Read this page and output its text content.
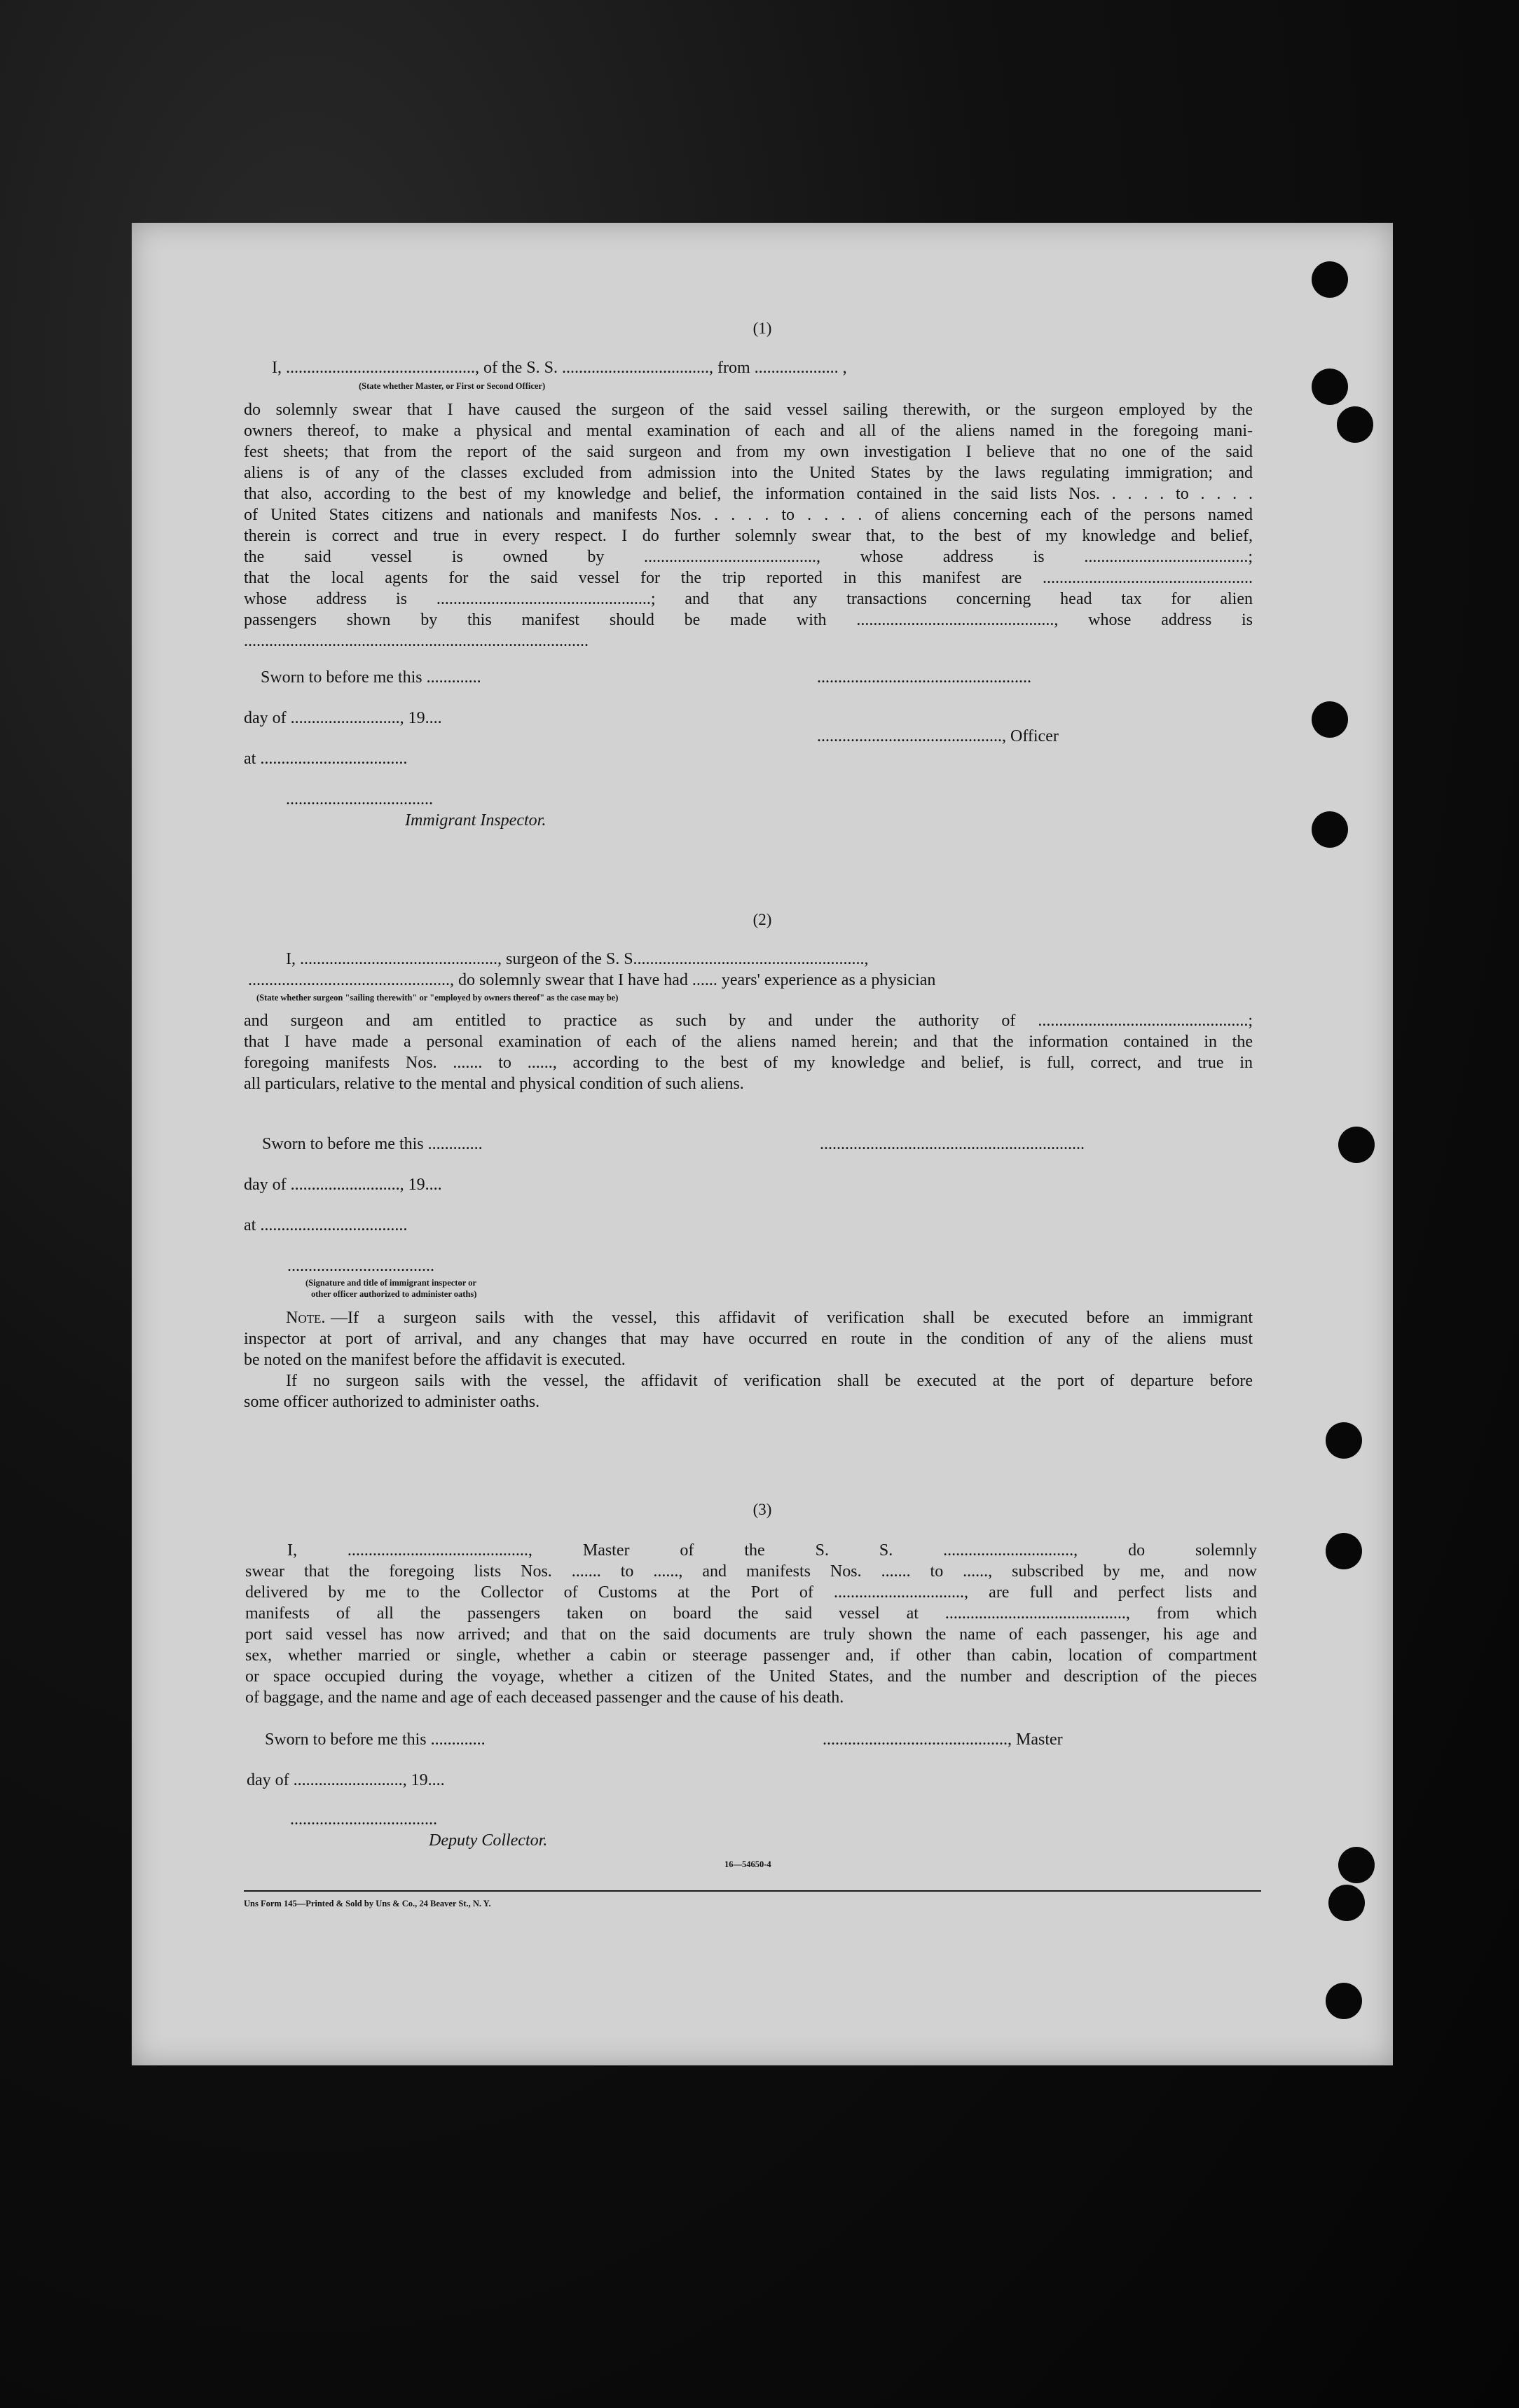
(1)
I, ............................................., of the S. S. ..................................., from .................... ,
(State whether Master, or First or Second Officer)
do solemnly swear that I have caused the surgeon of the said vessel sailing therewith, or the surgeon employed by the
owners thereof, to make a physical and mental examination of each and all of the aliens named in the foregoing mani-
fest sheets; that from the report of the said surgeon and from my own investigation I believe that no one of the said
aliens is of any of the classes excluded from admission into the United States by the laws regulating immigration; and
that also, according to the best of my knowledge and belief, the information contained in the said lists Nos. . . . . to . . . .
of United States citizens and nationals and manifests Nos. . . . . to . . . . of aliens concerning each of the persons named
therein is correct and true in every respect. I do further solemnly swear that, to the best of my knowledge and belief,
the said vessel is owned by ........................................., whose address is .......................................;
that the local agents for the said vessel for the trip reported in this manifest are ..................................................
whose address is ...................................................; and that any transactions concerning head tax for alien
passengers shown by this manifest should be made with ..............................................., whose address is
..................................................................................
Sworn to before me this .............	...................................................
day of .........................., 19....
............................................, Officer
at ...................................
...................................
Immigrant Inspector.
(2)
I, ..............................................., surgeon of the S. S.......................................................,
................................................, do solemnly swear that I have had ...... years' experience as a physician
(State whether surgeon "sailing therewith" or "employed by owners thereof" as the case may be)
and surgeon and am entitled to practice as such by and under the authority of ..................................................;
that I have made a personal examination of each of the aliens named herein; and that the information contained in the
foregoing manifests Nos. ....... to ......, according to the best of my knowledge and belief, is full, correct, and true in
all particulars, relative to the mental and physical condition of such aliens.
Sworn to before me this .............	...............................................................
day of .........................., 19....
at ...................................
...................................
(Signature and title of immigrant inspector or
other officer authorized to administer oaths)
Note. —If a surgeon sails with the vessel, this affidavit of verification shall be executed before an immigrant
inspector at port of arrival, and any changes that may have occurred en route in the condition of any of the aliens must
be noted on the manifest before the affidavit is executed.
If no surgeon sails with the vessel, the affidavit of verification shall be executed at the port of departure before
some officer authorized to administer oaths.
(3)
I, ..........................................., Master of the S. S. ..............................., do solemnly
swear that the foregoing lists Nos. ....... to ......, and manifests Nos. ....... to ......, subscribed by me, and now
delivered by me to the Collector of Customs at the Port of ..............................., are full and perfect lists and
manifests of all the passengers taken on board the said vessel at ..........................................., from which
port said vessel has now arrived; and that on the said documents are truly shown the name of each passenger, his age and
sex, whether married or single, whether a cabin or steerage passenger and, if other than cabin, location of compartment
or space occupied during the voyage, whether a citizen of the United States, and the number and description of the pieces
of baggage, and the name and age of each deceased passenger and the cause of his death.
Sworn to before me this .............	............................................, Master
day of .........................., 19....
...................................
Deputy Collector.
16—54650-4
Uns Form 145—Printed & Sold by Uns & Co., 24 Beaver St., N. Y.
